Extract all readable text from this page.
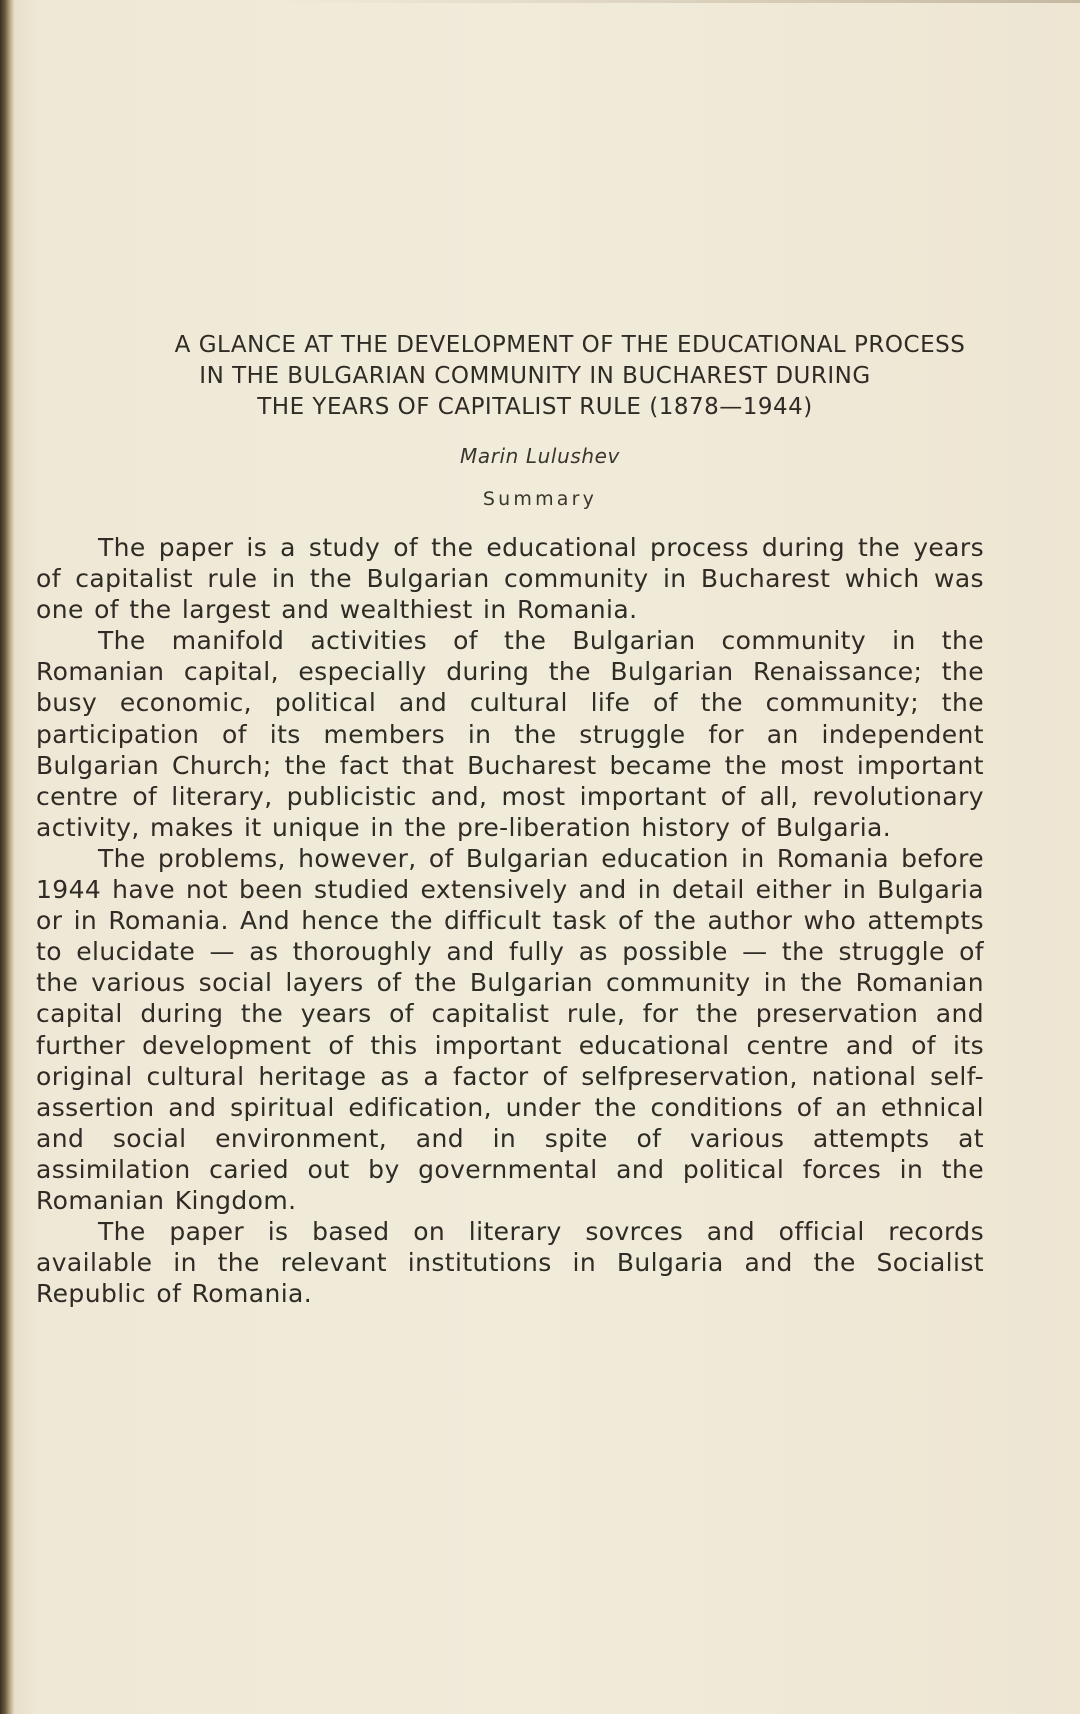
A GLANCE AT THE DEVELOPMENT OF THE EDUCATIONAL PROCESS
IN THE BULGARIAN COMMUNITY IN BUCHAREST DURING
THE YEARS OF CAPITALIST RULE (1878—1944)
Marin Lulushev
Summary

The paper is a study of the educational process during the years of capitalist rule in the Bulgarian community in Bucharest which was one of the largest and wealthiest in Romania.

The manifold activities of the Bulgarian community in the Romanian capital, especially during the Bulgarian Renaissance; the busy economic, political and cultural life of the community; the participation of its members in the struggle for an independent Bulgarian Church; the fact that Bucharest became the most important centre of literary, publicistic and, most important of all, revolutionary activity, makes it unique in the pre-liberation history of Bulgaria.

The problems, however, of Bulgarian education in Romania before 1944 have not been studied extensively and in detail either in Bulgaria or in Romania. And hence the difficult task of the author who attempts to elucidate — as thoroughly and fully as possible — the struggle of the various social layers of the Bulgarian community in the Romanian capital during the years of capitalist rule, for the preservation and further development of this important educational centre and of its original cultural heritage as a factor of selfpreservation, national self-assertion and spiritual edification, under the conditions of an ethnical and social environment, and in spite of various attempts at assimilation caried out by governmental and political forces in the Romanian Kingdom.

The paper is based on literary sovrces and official records available in the relevant institutions in Bulgaria and the Socialist Republic of Romania.
